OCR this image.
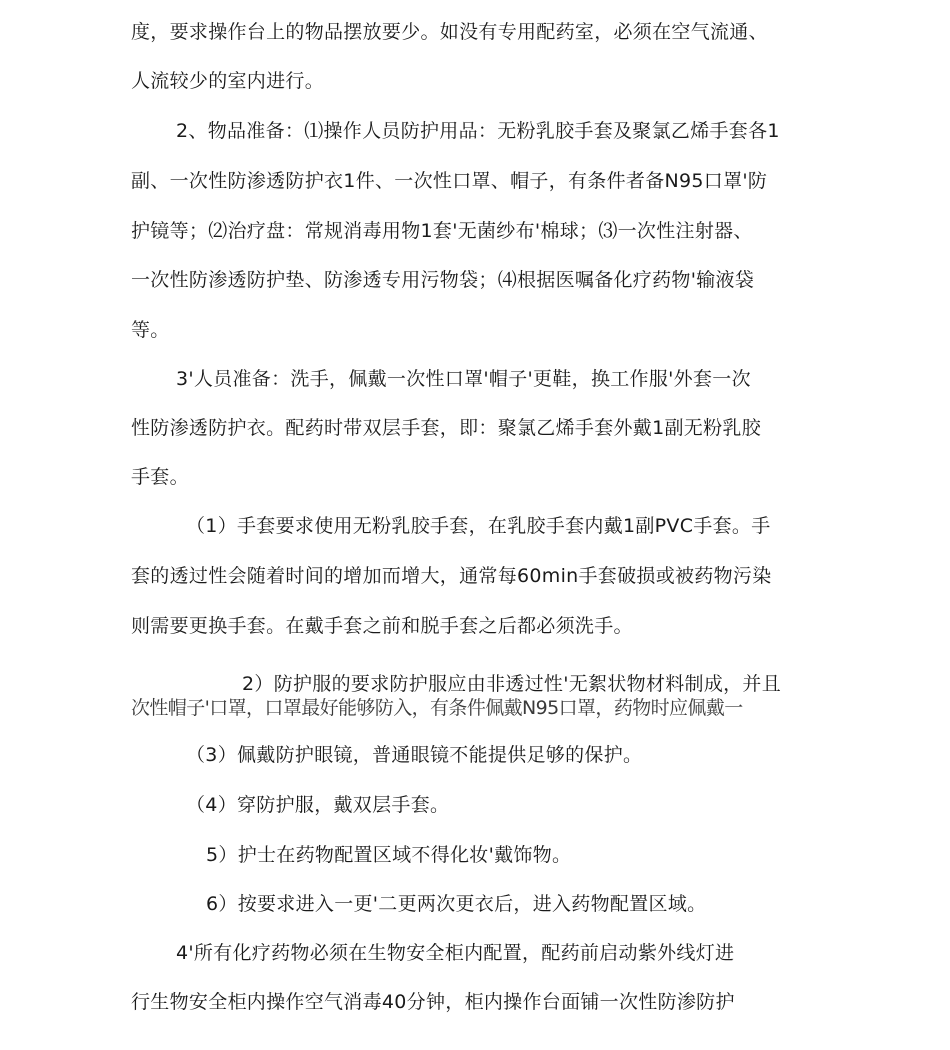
度，要求操作台上的物品摆放要少。如没有专用配药室，必须在空气流通、
人流较少的室内进行。
2、物品准备：⑴操作人员防护用品：无粉乳胶手套及聚氯乙烯手套各1
副、一次性防渗透防护衣1件、一次性口罩、帽子，有条件者备N95口罩'防
护镜等；⑵治疗盘：常规消毒用物1套'无菌纱布'棉球；⑶一次性注射器、
一次性防渗透防护垫、防渗透专用污物袋；⑷根据医嘱备化疗药物'输液袋
等。
3'人员准备：洗手，佩戴一次性口罩'帽子'更鞋，换工作服'外套一次
性防渗透防护衣。配药时带双层手套，即：聚氯乙烯手套外戴1副无粉乳胶
手套。
（1）手套要求使用无粉乳胶手套，在乳胶手套内戴1副PVC手套。手
套的透过性会随着时间的增加而增大，通常每60min手套破损或被药物污染
则需要更换手套。在戴手套之前和脱手套之后都必须洗手。
2）防护服的要求防护服应由非透过性'无絮状物材料制成，并且
次性帽子'口罩，口罩最好能够防入，有条件佩戴N95口罩，药物时应佩戴一
（3）佩戴防护眼镜，普通眼镜不能提供足够的保护。
（4）穿防护服，戴双层手套。
5）护士在药物配置区域不得化妆'戴饰物。
6）按要求进入一更'二更两次更衣后，进入药物配置区域。
4'所有化疗药物必须在生物安全柜内配置，配药前启动紫外线灯进
行生物安全柜内操作空气消毒40分钟，柜内操作台面铺一次性防渗防护
